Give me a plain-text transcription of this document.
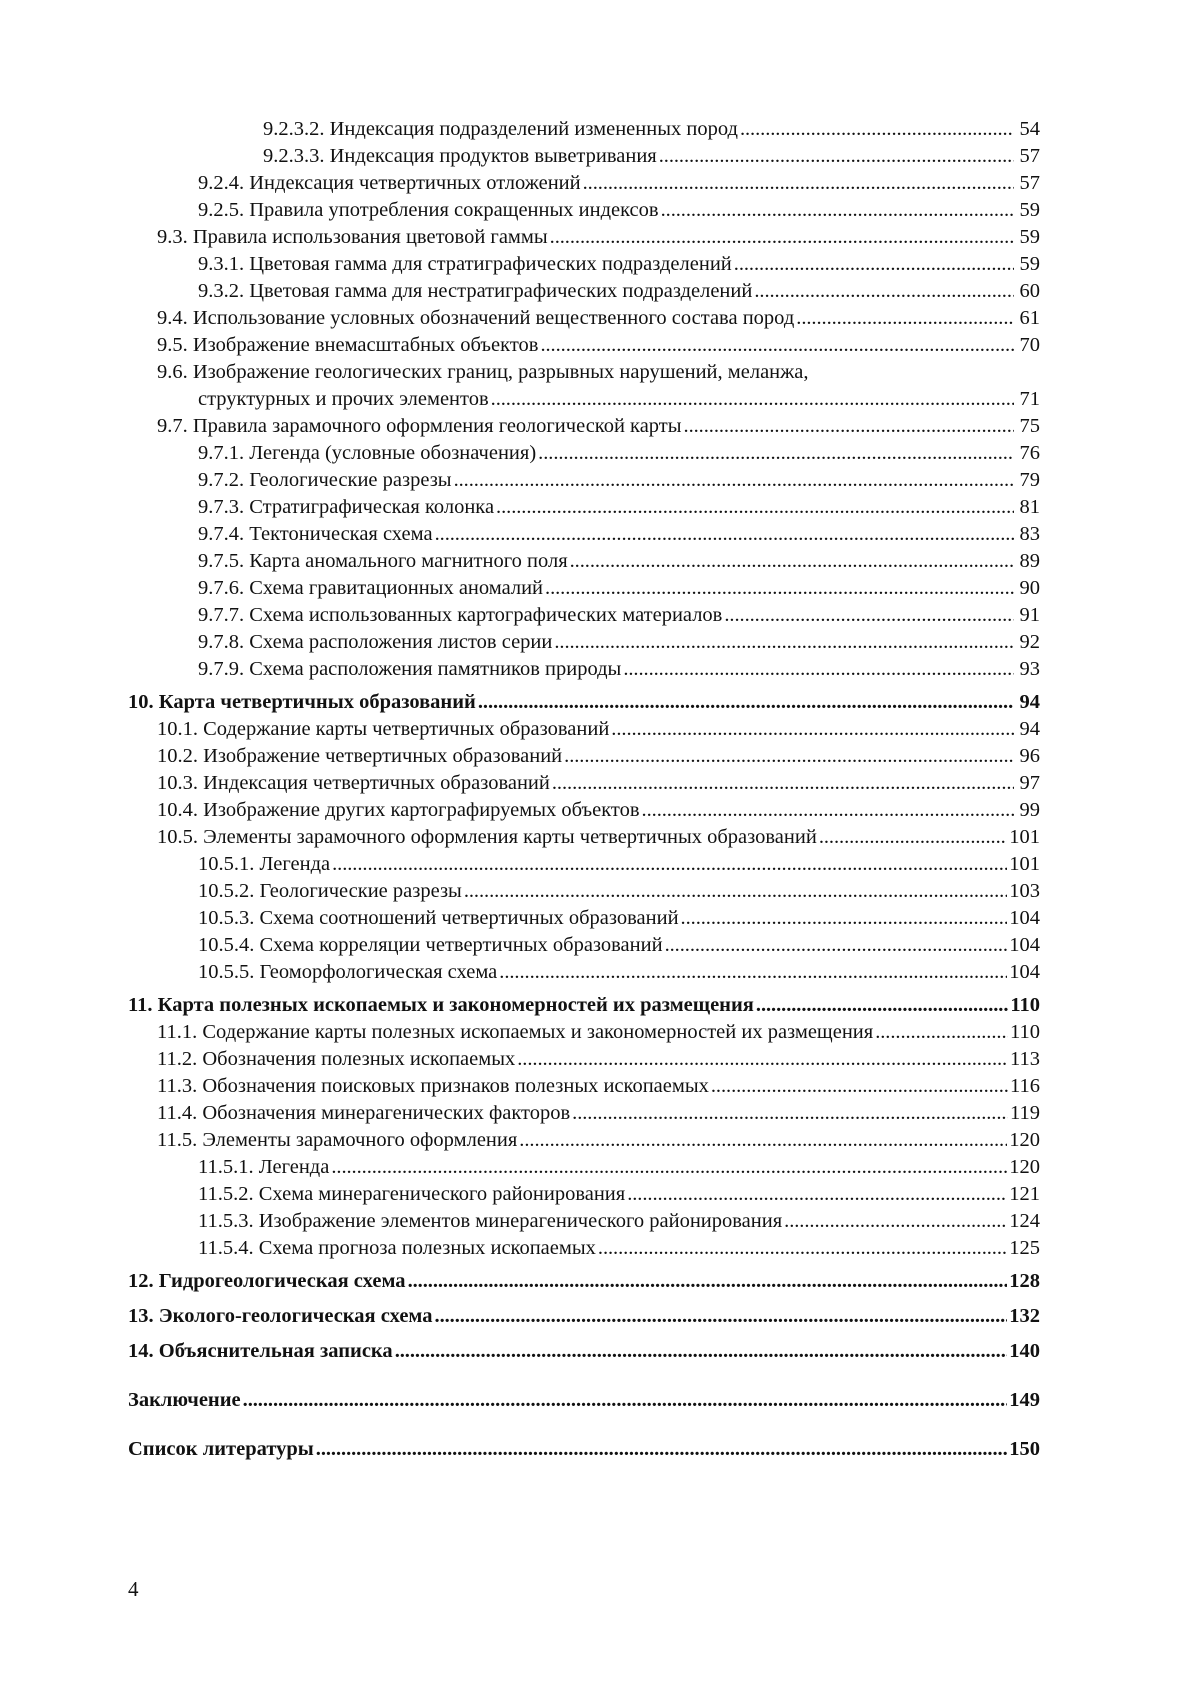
9.2.3.2. Индексация подразделений измененных пород . . .	54
9.2.3.3. Индексация продуктов выветривания . . .	57
9.2.4. Индексация четвертичных отложений . . .	57
9.2.5. Правила употребления сокращенных индексов . . .	59
9.3. Правила использования цветовой гаммы . . .	59
9.3.1. Цветовая гамма для стратиграфических подразделений . . .	59
9.3.2. Цветовая гамма для нестратиграфических подразделений . . .	60
9.4. Использование условных обозначений вещественного состава пород . . .	61
9.5. Изображение внемасштабных объектов . . .	70
9.6. Изображение геологических границ, разрывных нарушений, меланжа,
структурных и прочих элементов . . .	71
9.7. Правила зарамочного оформления геологической карты . . .	75
9.7.1. Легенда (условные обозначения) . . .	76
9.7.2. Геологические разрезы . . .	79
9.7.3. Стратиграфическая колонка . . .	81
9.7.4. Тектоническая схема . . .	83
9.7.5. Карта аномального магнитного поля . . .	89
9.7.6. Схема гравитационных аномалий . . .	90
9.7.7. Схема использованных картографических материалов . . .	91
9.7.8. Схема расположения листов серии . . .	92
9.7.9. Схема расположения памятников природы . . .	93
10. Карта четвертичных образований . . .	94
10.1. Содержание карты четвертичных образований . . .	94
10.2. Изображение четвертичных образований . . .	96
10.3. Индексация четвертичных образований . . .	97
10.4. Изображение других картографируемых объектов . . .	99
10.5. Элементы зарамочного оформления карты четвертичных образований . . .	101
10.5.1. Легенда . . .	101
10.5.2. Геологические разрезы . . .	103
10.5.3. Схема соотношений четвертичных образований . . .	104
10.5.4. Схема корреляции четвертичных образований . . .	104
10.5.5. Геоморфологическая схема . . .	104
11. Карта полезных ископаемых и закономерностей их размещения . . .	110
11.1. Содержание карты полезных ископаемых и закономерностей их размещения . . .	110
11.2. Обозначения полезных ископаемых . . .	113
11.3. Обозначения поисковых признаков полезных ископаемых . . .	116
11.4. Обозначения минерагенических факторов . . .	119
11.5. Элементы зарамочного оформления . . .	120
11.5.1. Легенда . . .	120
11.5.2. Схема минерагенического районирования . . .	121
11.5.3. Изображение элементов минерагенического районирования . . .	124
11.5.4. Схема прогноза полезных ископаемых . . .	125
12. Гидрогеологическая схема . . .	128
13. Эколого-геологическая схема . . .	132
14. Объяснительная записка . . .	140
Заключение . . .	149
Список литературы . . .	150
4
